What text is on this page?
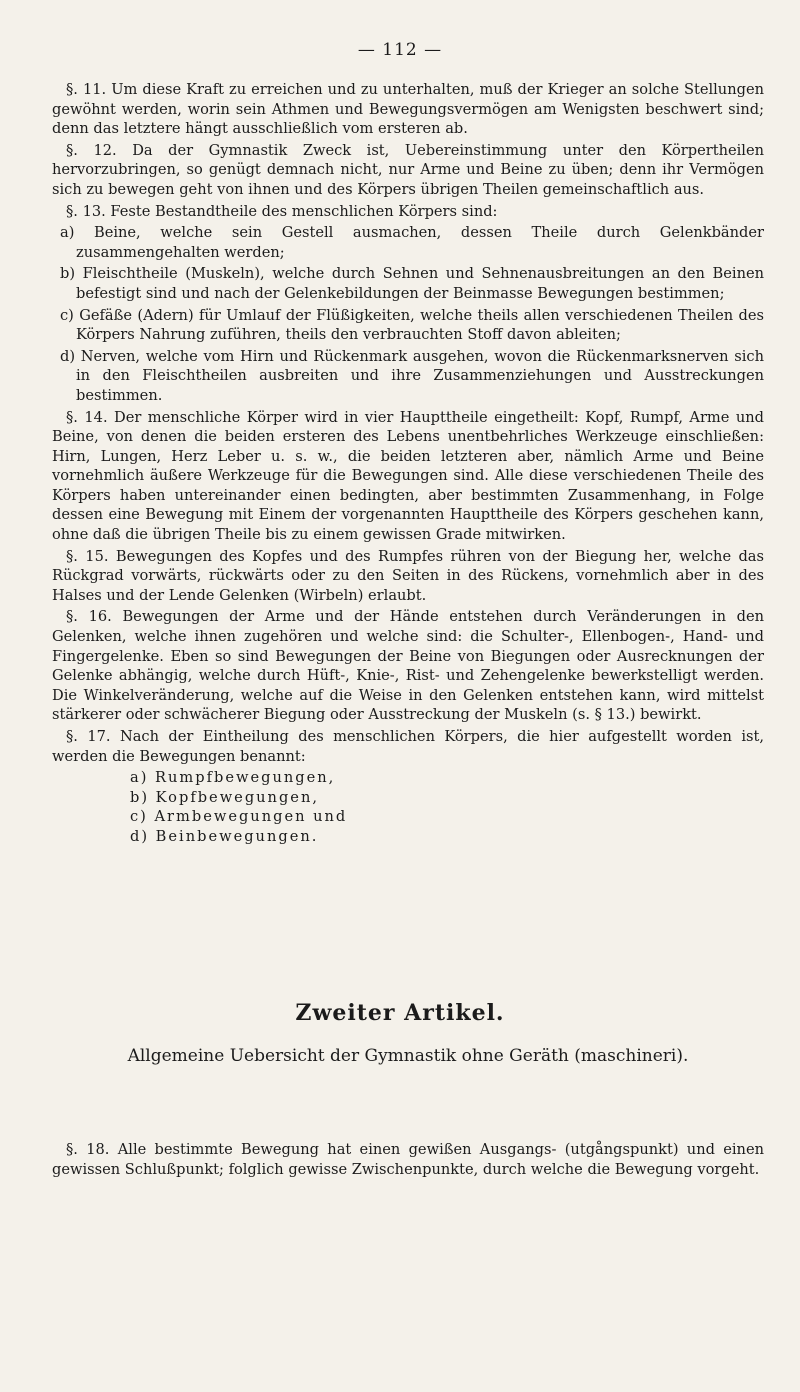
— 112 —

§. 11. Um diese Kraft zu erreichen und zu unterhalten, muß der Krieger an solche Stellungen gewöhnt werden, worin sein Athmen und Bewegungsvermögen am Wenigsten beschwert sind; denn das letztere hängt ausschließlich vom ersteren ab.

§. 12. Da der Gymnastik Zweck ist, Uebereinstimmung unter den Körpertheilen hervorzubringen, so genügt demnach nicht, nur Arme und Beine zu üben; denn ihr Vermögen sich zu bewegen geht von ihnen und des Körpers übrigen Theilen gemeinschaftlich aus.

§. 13. Feste Bestandtheile des menschlichen Körpers sind:

a) Beine, welche sein Gestell ausmachen, dessen Theile durch Gelenkbänder zusammengehalten werden;

b) Fleischtheile (Muskeln), welche durch Sehnen und Sehnenausbreitungen an den Beinen befestigt sind und nach der Gelenkebildungen der Beinmasse Bewegungen bestimmen;

c) Gefäße (Adern) für Umlauf der Flüßigkeiten, welche theils allen verschiedenen Theilen des Körpers Nahrung zuführen, theils den verbrauchten Stoff davon ableiten;

d) Nerven, welche vom Hirn und Rückenmark ausgehen, wovon die Rückenmarksnerven sich in den Fleischtheilen ausbreiten und ihre Zusammenziehungen und Ausstreckungen bestimmen.

§. 14. Der menschliche Körper wird in vier Haupttheile eingetheilt: Kopf, Rumpf, Arme und Beine, von denen die beiden ersteren des Lebens unentbehrliches Werkzeuge einschließen: Hirn, Lungen, Herz Leber u. s. w., die beiden letzteren aber, nämlich Arme und Beine vornehmlich äußere Werkzeuge für die Bewegungen sind. Alle diese verschiedenen Theile des Körpers haben untereinander einen bedingten, aber bestimmten Zusammenhang, in Folge dessen eine Bewegung mit Einem der vorgenannten Haupttheile des Körpers geschehen kann, ohne daß die übrigen Theile bis zu einem gewissen Grade mitwirken.

§. 15. Bewegungen des Kopfes und des Rumpfes rühren von der Biegung her, welche das Rückgrad vorwärts, rückwärts oder zu den Seiten in des Rückens, vornehmlich aber in des Halses und der Lende Gelenken (Wirbeln) erlaubt.

§. 16. Bewegungen der Arme und der Hände entstehen durch Veränderungen in den Gelenken, welche ihnen zugehören und welche sind: die Schulter-, Ellenbogen-, Hand- und Fingergelenke. Eben so sind Bewegungen der Beine von Biegungen oder Ausrecknungen der Gelenke abhängig, welche durch Hüft-, Knie-, Rist- und Zehengelenke bewerkstelligt werden. Die Winkelveränderung, welche auf die Weise in den Gelenken entstehen kann, wird mittelst stärkerer oder schwächerer Biegung oder Ausstreckung der Muskeln (s. § 13.) bewirkt.

§. 17. Nach der Eintheilung des menschlichen Körpers, die hier aufgestellt worden ist, werden die Bewegungen benannt:

a) Rumpfbewegungen,

b) Kopfbewegungen,

c) Armbewegungen und

d) Beinbewegungen.

Zweiter Artikel.
Allgemeine Uebersicht der Gymnastik ohne Geräth (maschineri).

§. 18. Alle bestimmte Bewegung hat einen gewißen Ausgangs- (utgångspunkt) und einen gewissen Schlußpunkt; folglich gewisse Zwischenpunkte, durch welche die Bewegung vorgeht.
